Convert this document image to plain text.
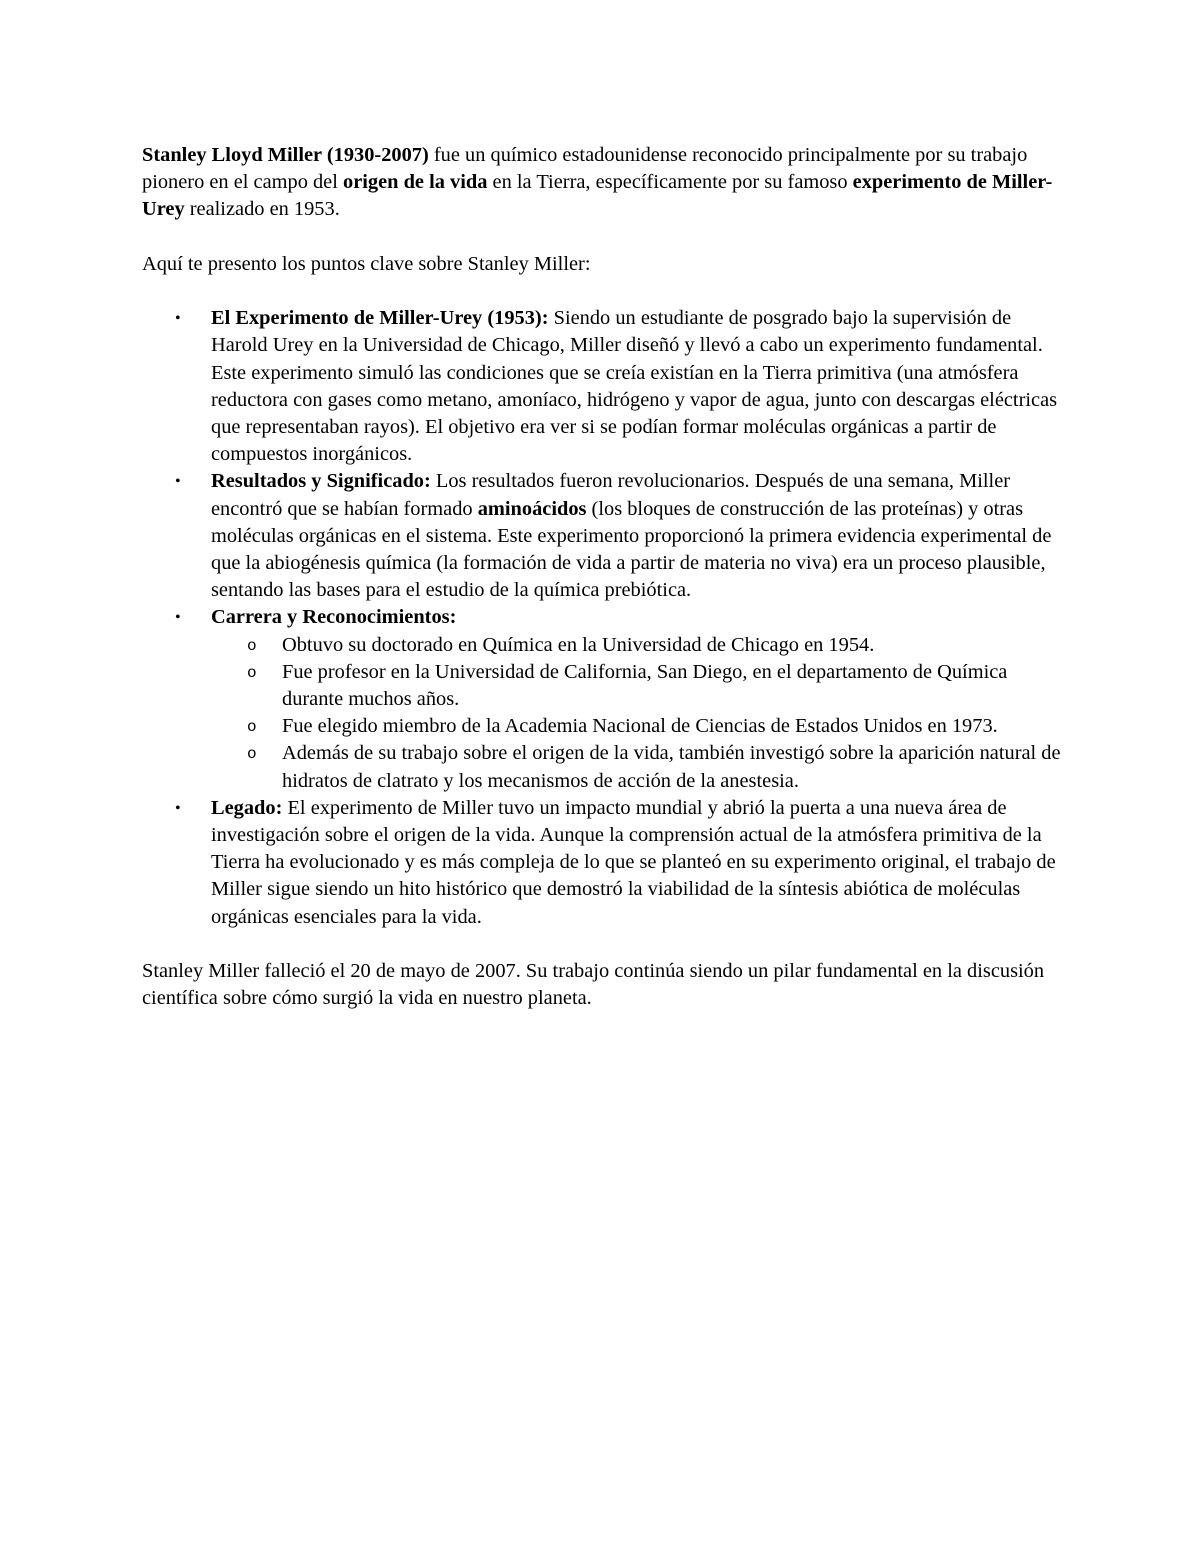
Stanley Lloyd Miller (1930-2007) fue un químico estadounidense reconocido principalmente por su trabajo pionero en el campo del origen de la vida en la Tierra, específicamente por su famoso experimento de Miller-Urey realizado en 1953.

Aquí te presento los puntos clave sobre Stanley Miller:

• El Experimento de Miller-Urey (1953): Siendo un estudiante de posgrado bajo la supervisión de Harold Urey en la Universidad de Chicago, Miller diseñó y llevó a cabo un experimento fundamental. Este experimento simuló las condiciones que se creía existían en la Tierra primitiva (una atmósfera reductora con gases como metano, amoníaco, hidrógeno y vapor de agua, junto con descargas eléctricas que representaban rayos). El objetivo era ver si se podían formar moléculas orgánicas a partir de compuestos inorgánicos.
• Resultados y Significado: Los resultados fueron revolucionarios. Después de una semana, Miller encontró que se habían formado aminoácidos (los bloques de construcción de las proteínas) y otras moléculas orgánicas en el sistema. Este experimento proporcionó la primera evidencia experimental de que la abiogénesis química (la formación de vida a partir de materia no viva) era un proceso plausible, sentando las bases para el estudio de la química prebiótica.
• Carrera y Reconocimientos:
o Obtuvo su doctorado en Química en la Universidad de Chicago en 1954.
o Fue profesor en la Universidad de California, San Diego, en el departamento de Química durante muchos años.
o Fue elegido miembro de la Academia Nacional de Ciencias de Estados Unidos en 1973.
o Además de su trabajo sobre el origen de la vida, también investigó sobre la aparición natural de hidratos de clatrato y los mecanismos de acción de la anestesia.
• Legado: El experimento de Miller tuvo un impacto mundial y abrió la puerta a una nueva área de investigación sobre el origen de la vida. Aunque la comprensión actual de la atmósfera primitiva de la Tierra ha evolucionado y es más compleja de lo que se planteó en su experimento original, el trabajo de Miller sigue siendo un hito histórico que demostró la viabilidad de la síntesis abiótica de moléculas orgánicas esenciales para la vida.

Stanley Miller falleció el 20 de mayo de 2007. Su trabajo continúa siendo un pilar fundamental en la discusión científica sobre cómo surgió la vida en nuestro planeta.
